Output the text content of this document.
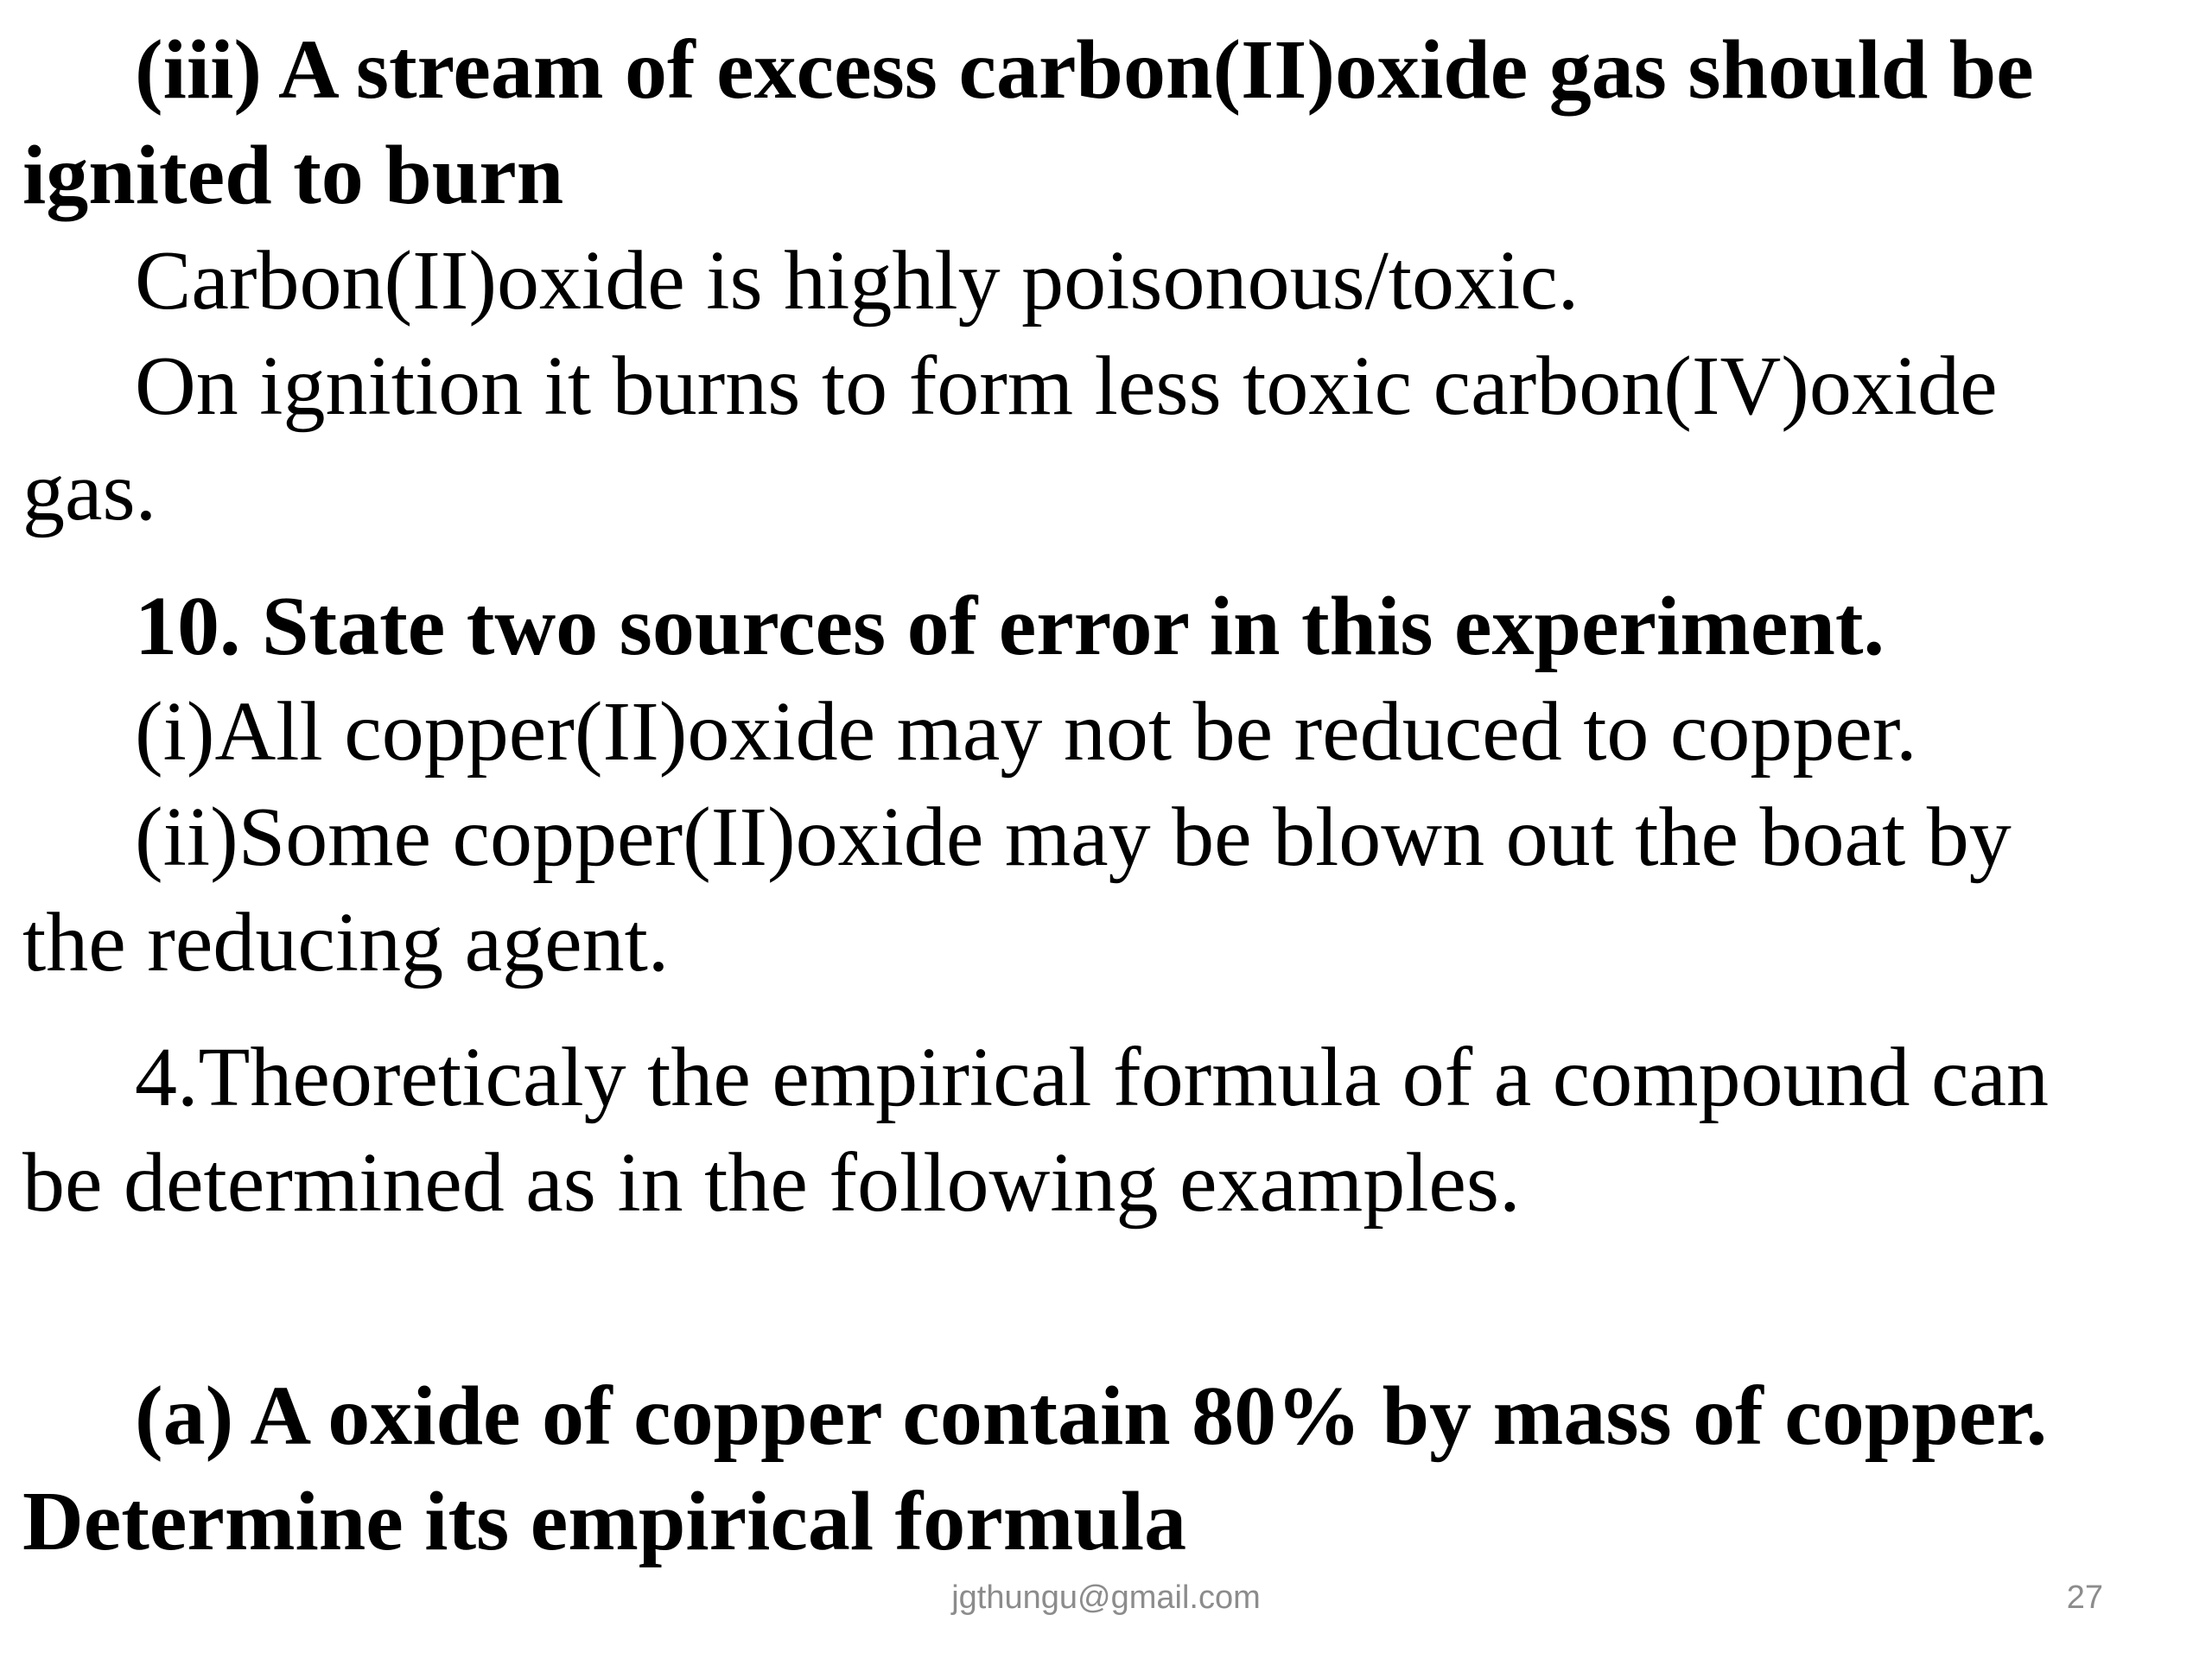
(iii) A stream of excess carbon(II)oxide gas should be ignited to burn

Carbon(II)oxide is highly poisonous/toxic.

On ignition it burns to form less toxic carbon(IV)oxide gas.

10. State two sources of error in this experiment.

(i)All copper(II)oxide may not be reduced to copper.

(ii)Some copper(II)oxide may be blown out the boat by the reducing agent.

4.Theoreticaly the empirical formula of a compound can be determined as in the following examples.

(a) A oxide of copper contain 80% by mass of copper. Determine its empirical formula

jgthungu@gmail.com	27
